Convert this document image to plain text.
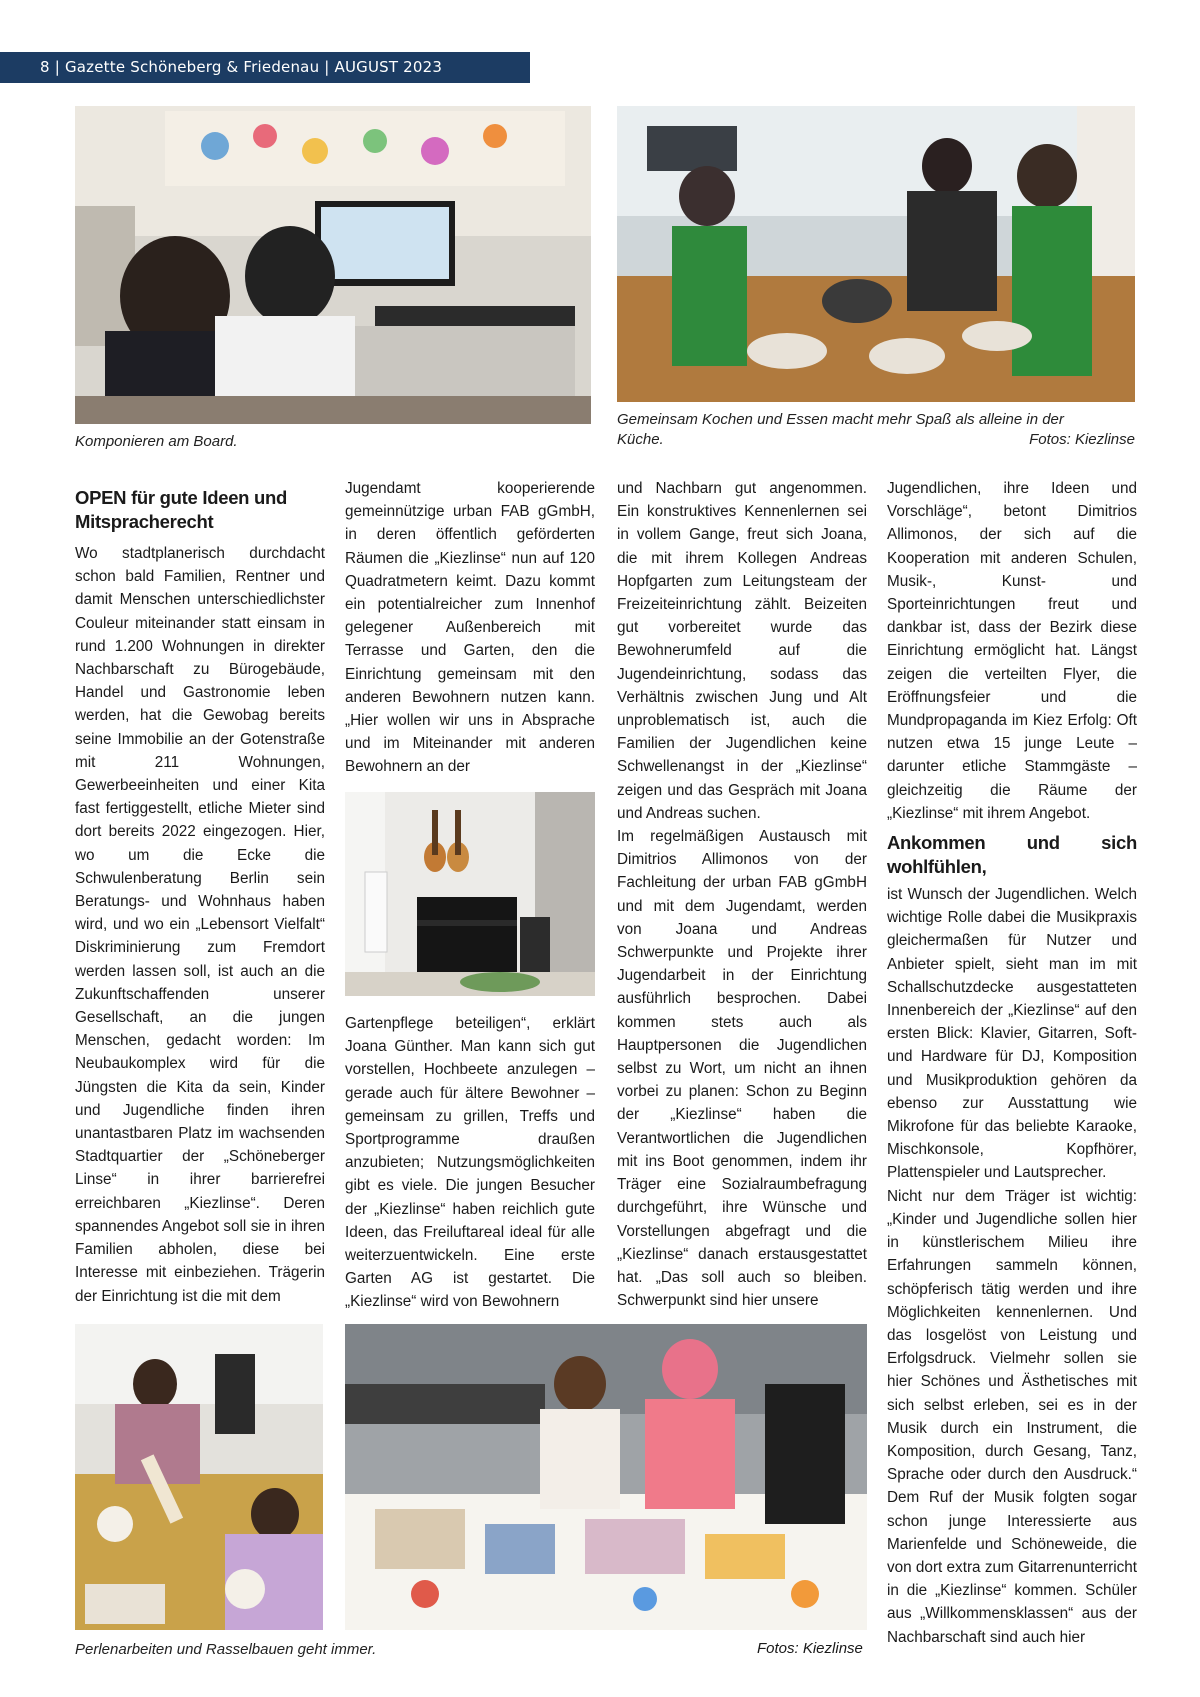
8 | Gazette Schöneberg & Friedenau | AUGUST 2023
Komponieren am Board.
Gemeinsam Kochen und Essen macht mehr Spaß als alleine in der
Küche.	Fotos: Kiezlinse
OPEN für gute Ideen und
Mitspracherecht

Wo stadtplanerisch durchdacht schon bald Familien, Rentner und damit Menschen unterschiedlichster Couleur miteinander statt einsam in rund 1.200 Wohnungen in direkter Nachbarschaft zu Bürogebäude, Handel und Gastronomie leben werden, hat die Gewobag bereits seine Immobilie an der Gotenstraße mit 211 Wohnungen, Gewerbeeinheiten und einer Kita fast fertiggestellt, etliche Mieter sind dort bereits 2022 eingezogen. Hier, wo um die Ecke die Schwulenberatung Berlin sein Beratungs- und Wohnhaus haben wird, und wo ein „Lebensort Vielfalt“ Diskriminierung zum Fremdort werden lassen soll, ist auch an die Zukunftschaffenden unserer Gesellschaft, an die jungen Menschen, gedacht worden: Im Neubaukomplex wird für die Jüngsten die Kita da sein, Kinder und Jugendliche finden ihren unantastbaren Platz im wachsenden Stadtquartier der „Schöneberger Linse“ in ihrer barrierefrei erreichbaren „Kiezlinse“. Deren spannendes Angebot soll sie in ihren Familien abholen, diese bei Interesse mit einbeziehen. Trägerin der Einrichtung ist die mit dem

Jugendamt kooperierende gemeinnützige urban FAB gGmbH, in deren öffentlich geförderten Räumen die „Kiezlinse“ nun auf 120 Quadratmetern keimt. Dazu kommt ein potentialreicher zum Innenhof gelegener Außenbereich mit Terrasse und Garten, den die Einrichtung gemeinsam mit den anderen Bewohnern nutzen kann. „Hier wollen wir uns in Absprache und im Miteinander mit anderen Bewohnern an der

Gartenpflege beteiligen“, erklärt Joana Günther. Man kann sich gut vorstellen, Hochbeete anzulegen – gerade auch für ältere Bewohner – gemeinsam zu grillen, Treffs und Sportprogramme draußen anzubieten; Nutzungsmöglichkeiten gibt es viele. Die jungen Besucher der „Kiezlinse“ haben reichlich gute Ideen, das Freiluftareal ideal für alle weiterzuentwickeln. Eine erste Garten AG ist gestartet. Die „Kiezlinse“ wird von Bewohnern

und Nachbarn gut angenommen. Ein konstruktives Kennenlernen sei in vollem Gange, freut sich Joana, die mit ihrem Kollegen Andreas Hopfgarten zum Leitungsteam der Freizeiteinrichtung zählt. Beizeiten gut vorbereitet wurde das Bewohnerumfeld auf die Jugendeinrichtung, sodass das Verhältnis zwischen Jung und Alt unproblematisch ist, auch die Familien der Jugendlichen keine Schwellenangst in der „Kiezlinse“ zeigen und das Gespräch mit Joana und Andreas suchen.

Im regelmäßigen Austausch mit Dimitrios Allimonos von der Fachleitung der urban FAB gGmbH und mit dem Jugendamt, werden von Joana und Andreas Schwerpunkte und Projekte ihrer Jugendarbeit in der Einrichtung ausführlich besprochen. Dabei kommen stets auch als Hauptpersonen die Jugendlichen selbst zu Wort, um nicht an ihnen vorbei zu planen: Schon zu Beginn der „Kiezlinse“ haben die Verantwortlichen die Jugendlichen mit ins Boot genommen, indem ihr Träger eine Sozialraumbefragung durchgeführt, ihre Wünsche und Vorstellungen abgefragt und die „Kiezlinse“ danach erstausgestattet hat. „Das soll auch so bleiben. Schwerpunkt sind hier unsere

Jugendlichen, ihre Ideen und Vorschläge“, betont Dimitrios Allimonos, der sich auf die Kooperation mit anderen Schulen, Musik-, Kunst- und Sporteinrichtungen freut und dankbar ist, dass der Bezirk diese Einrichtung ermöglicht hat. Längst zeigen die verteilten Flyer, die Eröffnungsfeier und die Mundpropaganda im Kiez Erfolg: Oft nutzen etwa 15 junge Leute – darunter etliche Stammgäste – gleichzeitig die Räume der „Kiezlinse“ mit ihrem Angebot.

Ankommen und sich wohlfühlen,

ist Wunsch der Jugendlichen. Welch wichtige Rolle dabei die Musikpraxis gleichermaßen für Nutzer und Anbieter spielt, sieht man im mit Schallschutzdecke ausgestatteten Innenbereich der „Kiezlinse“ auf den ersten Blick: Klavier, Gitarren, Soft- und Hardware für DJ, Komposition und Musikproduktion gehören da ebenso zur Ausstattung wie Mikrofone für das beliebte Karaoke, Mischkonsole, Kopfhörer, Plattenspieler und Lautsprecher.

Nicht nur dem Träger ist wichtig: „Kinder und Jugendliche sollen hier in künstlerischem Milieu ihre Erfahrungen sammeln können, schöpferisch tätig werden und ihre Möglichkeiten kennenlernen. Und das losgelöst von Leistung und Erfolgsdruck. Vielmehr sollen sie hier Schönes und Ästhetisches mit sich selbst erleben, sei es in der Musik durch ein Instrument, die Komposition, durch Gesang, Tanz, Sprache oder durch den Ausdruck.“ Dem Ruf der Musik folgten sogar schon junge Interessierte aus Marienfelde und Schöneweide, die von dort extra zum Gitarrenunterricht in die „Kiezlinse“ kommen. Schüler aus „Willkommensklassen“ aus der Nachbarschaft sind auch hier

Perlenarbeiten und Rasselbauen geht immer.	Fotos: Kiezlinse
